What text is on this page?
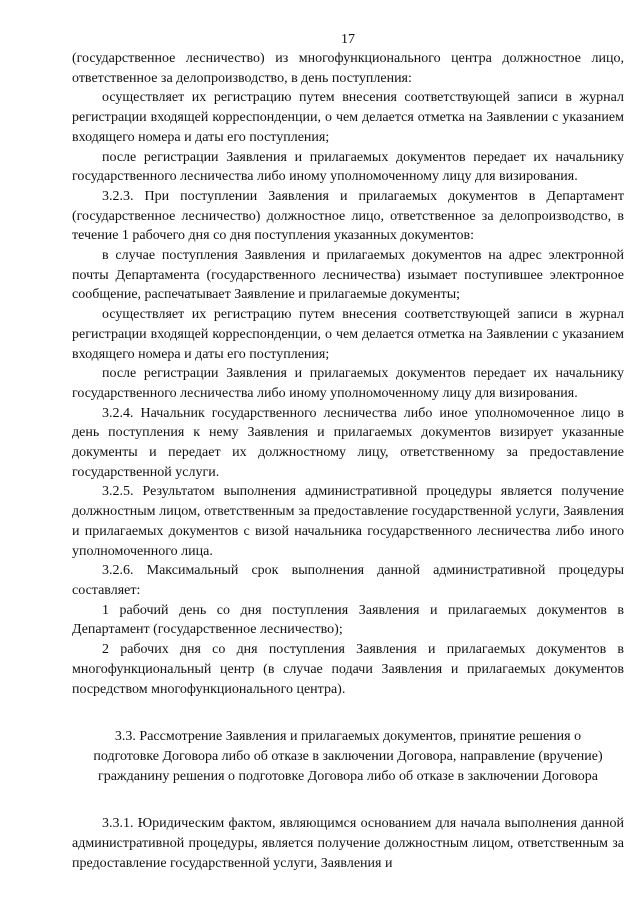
17

(государственное лесничество) из многофункционального центра должностное лицо, ответственное за делопроизводство, в день поступления:

осуществляет их регистрацию путем внесения соответствующей записи в журнал регистрации входящей корреспонденции, о чем делается отметка на Заявлении с указанием входящего номера и даты его поступления;

после регистрации Заявления и прилагаемых документов передает их начальнику государственного лесничества либо иному уполномоченному лицу для визирования.

3.2.3. При поступлении Заявления и прилагаемых документов в Департамент (государственное лесничество) должностное лицо, ответственное за делопроизводство, в течение 1 рабочего дня со дня поступления указанных документов:

в случае поступления Заявления и прилагаемых документов на адрес электронной почты Департамента (государственного лесничества) изымает поступившее электронное сообщение, распечатывает Заявление и прилагаемые документы;

осуществляет их регистрацию путем внесения соответствующей записи в журнал регистрации входящей корреспонденции, о чем делается отметка на Заявлении с указанием входящего номера и даты его поступления;

после регистрации Заявления и прилагаемых документов передает их начальнику государственного лесничества либо иному уполномоченному лицу для визирования.

3.2.4. Начальник государственного лесничества либо иное уполномоченное лицо в день поступления к нему Заявления и прилагаемых документов визирует указанные документы и передает их должностному лицу, ответственному за предоставление государственной услуги.

3.2.5. Результатом выполнения административной процедуры является получение должностным лицом, ответственным за предоставление государственной услуги, Заявления и прилагаемых документов с визой начальника государственного лесничества либо иного уполномоченного лица.

3.2.6. Максимальный срок выполнения данной административной процедуры составляет:

1 рабочий день со дня поступления Заявления и прилагаемых документов в Департамент (государственное лесничество);

2 рабочих дня со дня поступления Заявления и прилагаемых документов в многофункциональный центр (в случае подачи Заявления и прилагаемых документов посредством многофункционального центра).

3.3. Рассмотрение Заявления и прилагаемых документов, принятие решения о подготовке Договора либо об отказе в заключении Договора, направление (вручение) гражданину решения о подготовке Договора либо об отказе в заключении Договора

3.3.1. Юридическим фактом, являющимся основанием для начала выполнения данной административной процедуры, является получение должностным лицом, ответственным за предоставление государственной услуги, Заявления и
